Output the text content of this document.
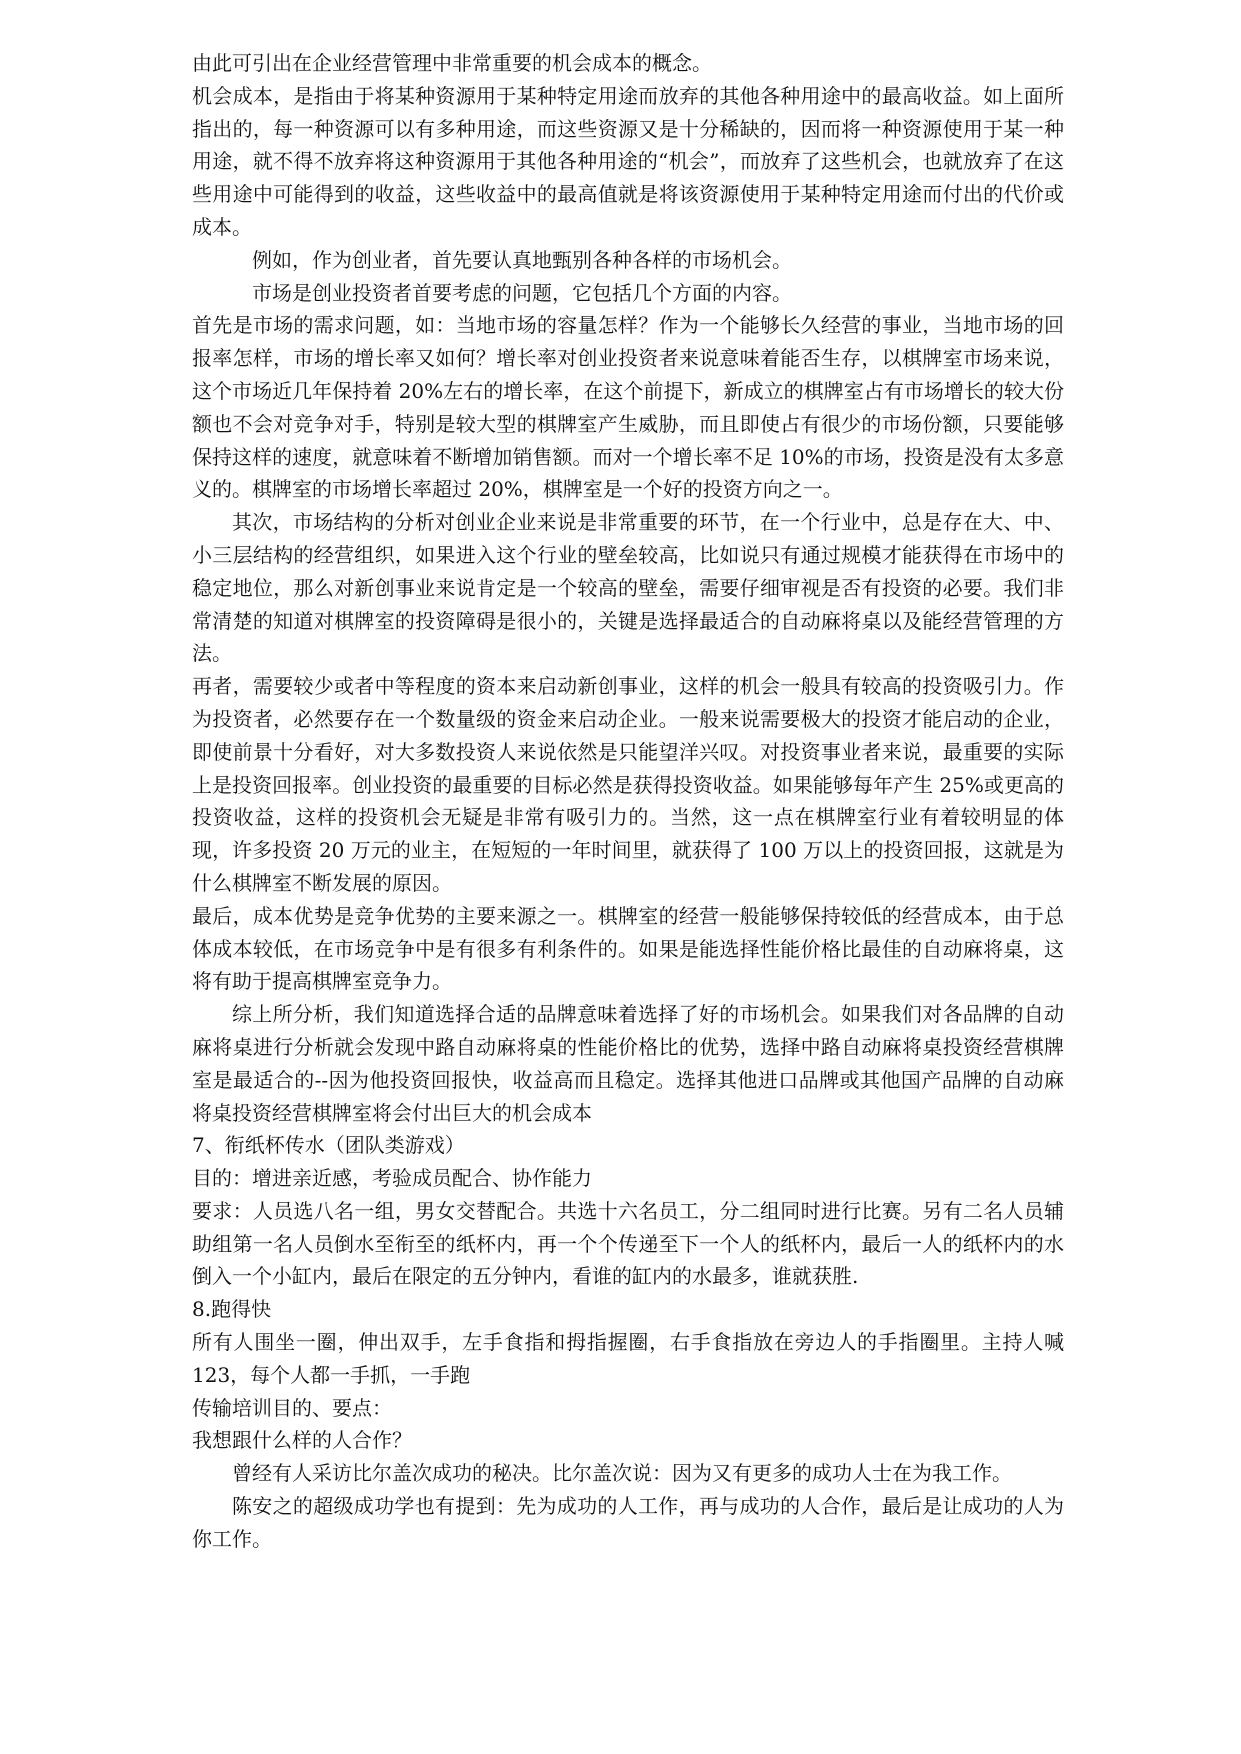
由此可引出在企业经营管理中非常重要的机会成本的概念。

机会成本，是指由于将某种资源用于某种特定用途而放弃的其他各种用途中的最高收益。如上面所指出的，每一种资源可以有多种用途，而这些资源又是十分稀缺的，因而将一种资源使用于某一种用途，就不得不放弃将这种资源用于其他各种用途的“机会”，而放弃了这些机会，也就放弃了在这些用途中可能得到的收益，这些收益中的最高值就是将该资源使用于某种特定用途而付出的代价或成本。

例如，作为创业者，首先要认真地甄别各种各样的市场机会。

市场是创业投资者首要考虑的问题，它包括几个方面的内容。

首先是市场的需求问题，如：当地市场的容量怎样？作为一个能够长久经营的事业，当地市场的回报率怎样，市场的增长率又如何？增长率对创业投资者来说意味着能否生存，以棋牌室市场来说，这个市场近几年保持着 20%左右的增长率，在这个前提下，新成立的棋牌室占有市场增长的较大份额也不会对竞争对手，特别是较大型的棋牌室产生威胁，而且即使占有很少的市场份额，只要能够保持这样的速度，就意味着不断增加销售额。而对一个增长率不足 10%的市场，投资是没有太多意义的。棋牌室的市场增长率超过 20%，棋牌室是一个好的投资方向之一。

其次，市场结构的分析对创业企业来说是非常重要的环节，在一个行业中，总是存在大、中、小三层结构的经营组织，如果进入这个行业的壁垒较高，比如说只有通过规模才能获得在市场中的稳定地位，那么对新创事业来说肯定是一个较高的壁垒，需要仔细审视是否有投资的必要。我们非常清楚的知道对棋牌室的投资障碍是很小的，关键是选择最适合的自动麻将桌以及能经营管理的方法。

再者，需要较少或者中等程度的资本来启动新创事业，这样的机会一般具有较高的投资吸引力。作为投资者，必然要存在一个数量级的资金来启动企业。一般来说需要极大的投资才能启动的企业，即使前景十分看好，对大多数投资人来说依然是只能望洋兴叹。对投资事业者来说，最重要的实际上是投资回报率。创业投资的最重要的目标必然是获得投资收益。如果能够每年产生 25%或更高的投资收益，这样的投资机会无疑是非常有吸引力的。当然，这一点在棋牌室行业有着较明显的体现，许多投资 20 万元的业主，在短短的一年时间里，就获得了 100 万以上的投资回报，这就是为什么棋牌室不断发展的原因。

最后，成本优势是竞争优势的主要来源之一。棋牌室的经营一般能够保持较低的经营成本，由于总体成本较低，在市场竞争中是有很多有利条件的。如果是能选择性能价格比最佳的自动麻将桌，这将有助于提高棋牌室竞争力。

综上所分析，我们知道选择合适的品牌意味着选择了好的市场机会。如果我们对各品牌的自动麻将桌进行分析就会发现中路自动麻将桌的性能价格比的优势，选择中路自动麻将桌投资经营棋牌室是最适合的--因为他投资回报快，收益高而且稳定。选择其他进口品牌或其他国产品牌的自动麻将桌投资经营棋牌室将会付出巨大的机会成本

7、衔纸杯传水（团队类游戏）

目的：增进亲近感，考验成员配合、协作能力

要求：人员选八名一组，男女交替配合。共选十六名员工，分二组同时进行比赛。另有二名人员辅助组第一名人员倒水至衔至的纸杯内，再一个个传递至下一个人的纸杯内，最后一人的纸杯内的水倒入一个小缸内，最后在限定的五分钟内，看谁的缸内的水最多，谁就获胜.

8.跑得快

所有人围坐一圈，伸出双手，左手食指和拇指握圈，右手食指放在旁边人的手指圈里。主持人喊 123，每个人都一手抓，一手跑

传输培训目的、要点：

我想跟什么样的人合作？

曾经有人采访比尔盖次成功的秘决。比尔盖次说：因为又有更多的成功人士在为我工作。

陈安之的超级成功学也有提到：先为成功的人工作，再与成功的人合作，最后是让成功的人为你工作。
